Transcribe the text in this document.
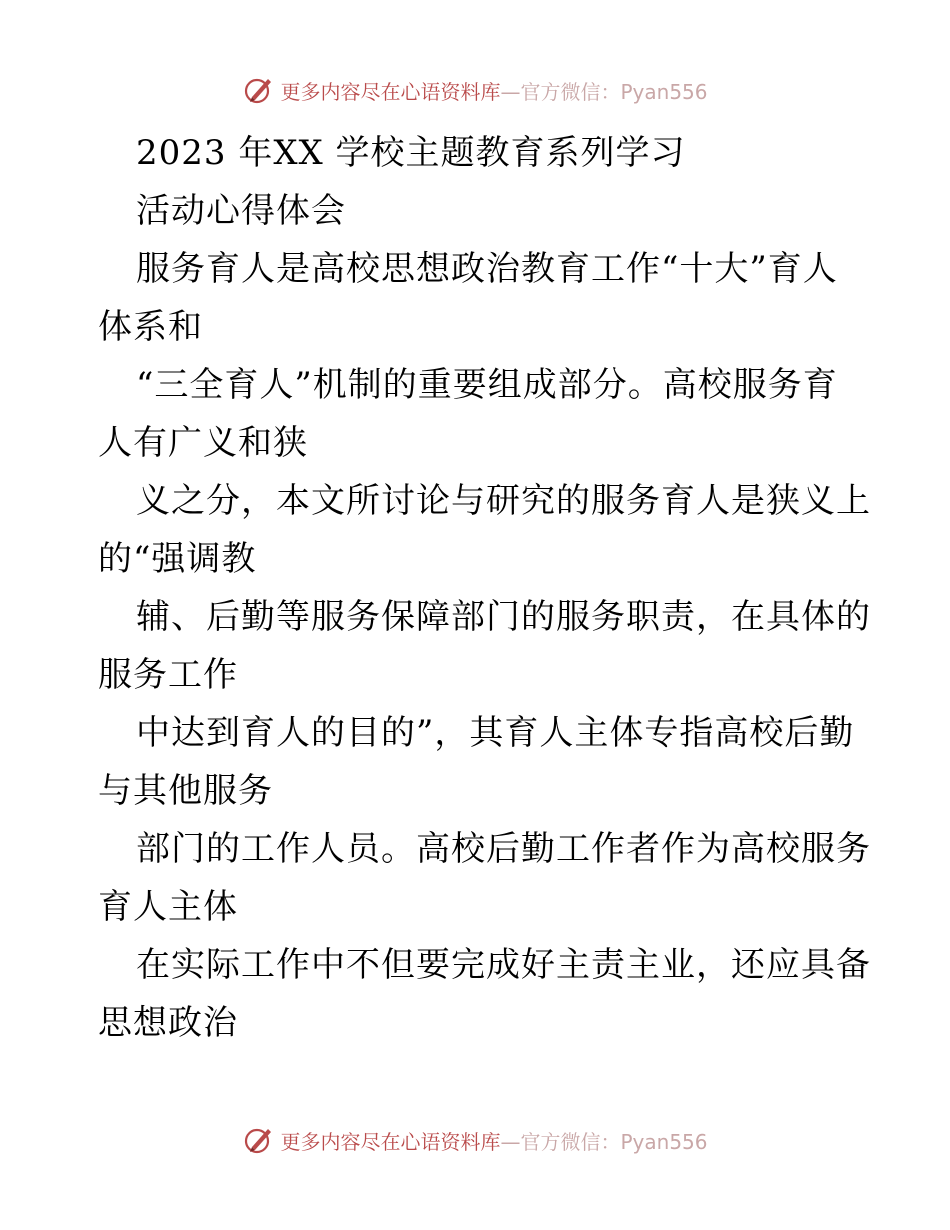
更多内容尽在心语资料库—官方微信：Pyan556
2023 年XX 学校主题教育系列学习
活动心得体会
服务育人是高校思想政治教育工作“十大”育人
体系和
“三全育人”机制的重要组成部分。高校服务育
人有广义和狭
义之分，本文所讨论与研究的服务育人是狭义上
的“强调教
辅、后勤等服务保障部门的服务职责，在具体的
服务工作
中达到育人的目的”，其育人主体专指高校后勤
与其他服务
部门的工作人员。高校后勤工作者作为高校服务
育人主体
在实际工作中不但要完成好主责主业，还应具备
思想政治
更多内容尽在心语资料库—官方微信：Pyan556
